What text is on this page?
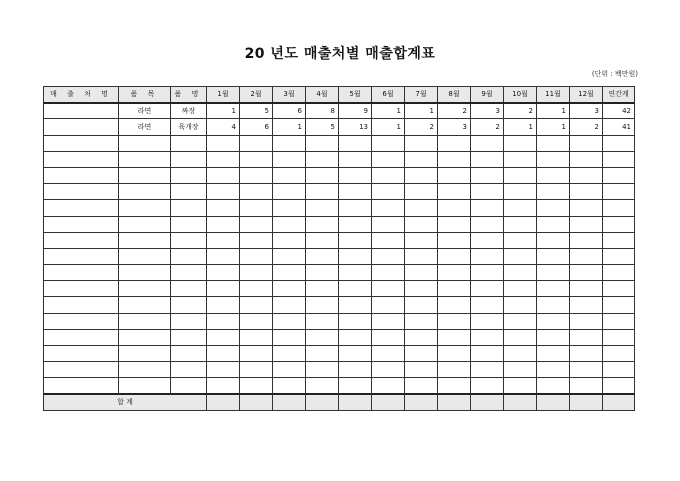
20 년도 매출처별 매출합계표
(단위 : 백만원)
매 출 처 명	품 목	품 명	1월	2월	3월	4월	5월	6월	7월	8월	9월	10월	11월	12월	연간계
	라면	짜장	1	5	6	8	9	1	1	2	3	2	1	3	42
	라면	육개장	4	6	1	5	13	1	2	3	2	1	1	2	41

합 계															
